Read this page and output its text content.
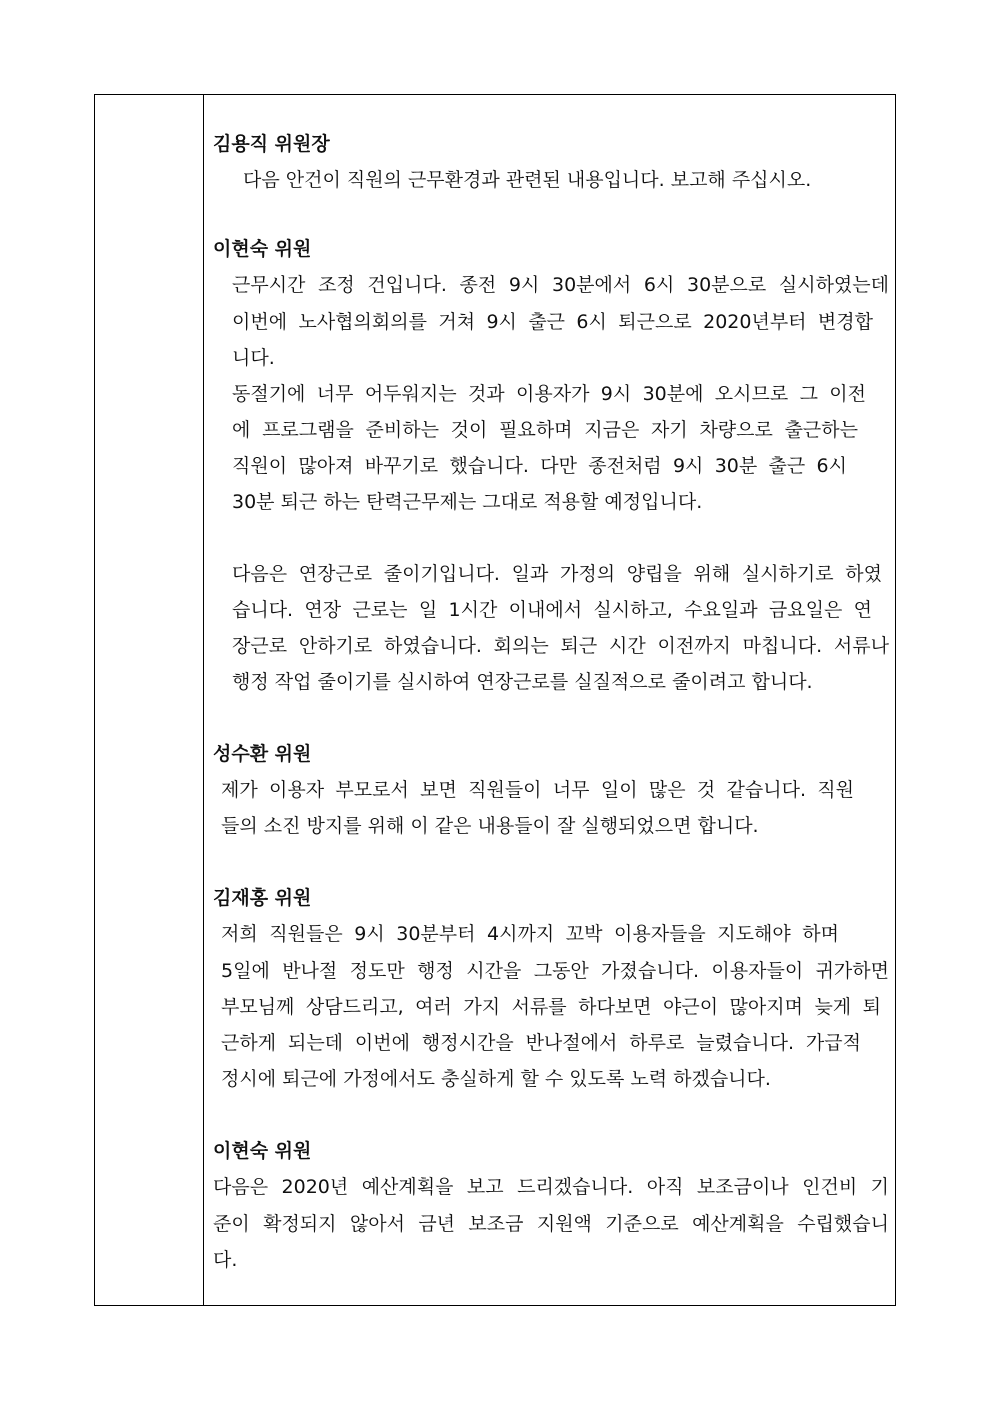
김용직 위원장
다음 안건이 직원의 근무환경과 관련된 내용입니다. 보고해 주십시오.
이현숙 위원
근무시간 조정 건입니다. 종전 9시 30분에서 6시 30분으로 실시하였는데
이번에 노사협의회의를 거쳐 9시 출근 6시 퇴근으로 2020년부터 변경합
니다.
동절기에 너무 어두워지는 것과 이용자가 9시 30분에 오시므로 그 이전
에 프로그램을 준비하는 것이 필요하며 지금은 자기 차량으로 출근하는
직원이 많아져 바꾸기로 했습니다. 다만 종전처럼 9시 30분 출근 6시
30분 퇴근 하는 탄력근무제는 그대로 적용할 예정입니다.
다음은 연장근로 줄이기입니다. 일과 가정의 양립을 위해 실시하기로 하였
습니다. 연장 근로는 일 1시간 이내에서 실시하고, 수요일과 금요일은 연
장근로 안하기로 하였습니다. 회의는 퇴근 시간 이전까지 마칩니다. 서류나
행정 작업 줄이기를 실시하여 연장근로를 실질적으로 줄이려고 합니다.
성수환 위원
제가 이용자 부모로서 보면 직원들이 너무 일이 많은 것 같습니다. 직원
들의 소진 방지를 위해 이 같은 내용들이 잘 실행되었으면 합니다.
김재홍 위원
저희 직원들은 9시 30분부터 4시까지 꼬박 이용자들을 지도해야 하며
5일에 반나절 정도만 행정 시간을 그동안 가졌습니다. 이용자들이 귀가하면
부모님께 상담드리고, 여러 가지 서류를 하다보면 야근이 많아지며 늦게 퇴
근하게 되는데 이번에 행정시간을 반나절에서 하루로 늘렸습니다. 가급적
정시에 퇴근에 가정에서도 충실하게 할 수 있도록 노력 하겠습니다.
이현숙 위원
다음은 2020년 예산계획을 보고 드리겠습니다. 아직 보조금이나 인건비 기
준이 확정되지 않아서 금년 보조금 지원액 기준으로 예산계획을 수립했습니
다.
